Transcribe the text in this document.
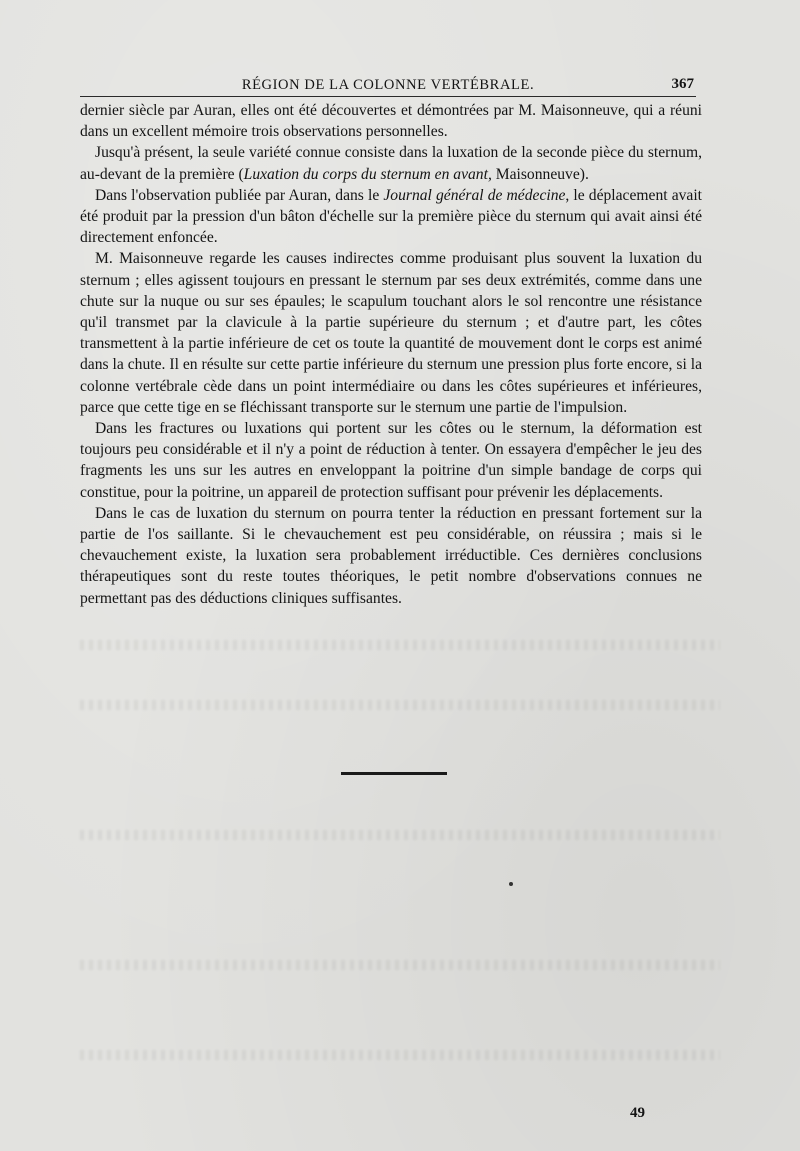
RÉGION DE LA COLONNE VERTÉBRALE.	367

dernier siècle par Auran, elles ont été découvertes et démontrées par M. Maisonneuve, qui a réuni dans un excellent mémoire trois observations personnelles.

Jusqu'à présent, la seule variété connue consiste dans la luxation de la seconde pièce du sternum, au-devant de la première (Luxation du corps du sternum en avant, Maisonneuve).

Dans l'observation publiée par Auran, dans le Journal général de médecine, le déplacement avait été produit par la pression d'un bâton d'échelle sur la première pièce du sternum qui avait ainsi été directement enfoncée.

M. Maisonneuve regarde les causes indirectes comme produisant plus souvent la luxation du sternum ; elles agissent toujours en pressant le sternum par ses deux extrémités, comme dans une chute sur la nuque ou sur ses épaules; le scapulum touchant alors le sol rencontre une résistance qu'il transmet par la clavicule à la partie supérieure du sternum ; et d'autre part, les côtes transmettent à la partie inférieure de cet os toute la quantité de mouvement dont le corps est animé dans la chute. Il en résulte sur cette partie inférieure du sternum une pression plus forte encore, si la colonne vertébrale cède dans un point intermédiaire ou dans les côtes supérieures et inférieures, parce que cette tige en se fléchissant transporte sur le sternum une partie de l'impulsion.

Dans les fractures ou luxations qui portent sur les côtes ou le sternum, la déformation est toujours peu considérable et il n'y a point de réduction à tenter. On essayera d'empêcher le jeu des fragments les uns sur les autres en enveloppant la poitrine d'un simple bandage de corps qui constitue, pour la poitrine, un appareil de protection suffisant pour prévenir les déplacements.

Dans le cas de luxation du sternum on pourra tenter la réduction en pressant fortement sur la partie de l'os saillante. Si le chevauchement est peu considérable, on réussira ; mais si le chevauchement existe, la luxation sera probablement irréductible. Ces dernières conclusions thérapeutiques sont du reste toutes théoriques, le petit nombre d'observations connues ne permettant pas des déductions cliniques suffisantes.

49
